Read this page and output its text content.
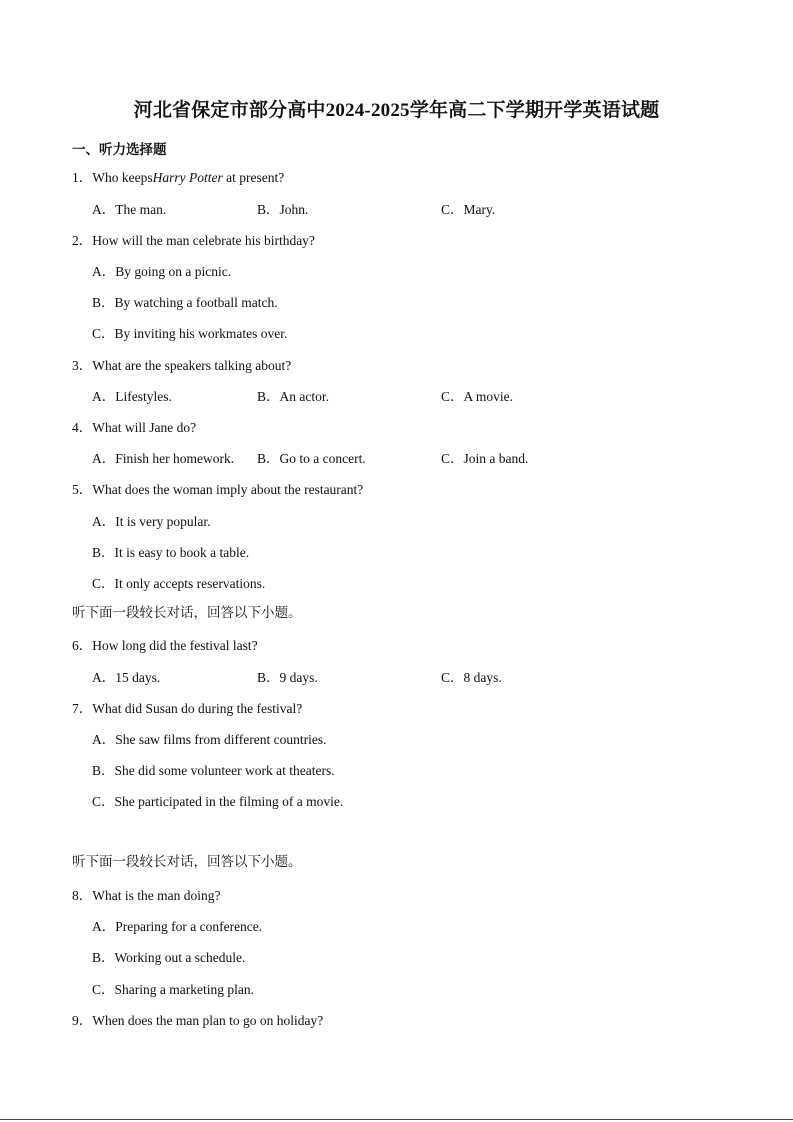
河北省保定市部分高中2024-2025学年高二下学期开学英语试题
一、听力选择题
1．Who keepsHarry Potter at present?
A．The man.	B．John.	C．Mary.
2．How will the man celebrate his birthday?
A．By going on a picnic.
B．By watching a football match.
C．By inviting his workmates over.
3．What are the speakers talking about?
A．Lifestyles.	B．An actor.	C．A movie.
4．What will Jane do?
A．Finish her homework. B．Go to a concert.	C．Join a band.
5．What does the woman imply about the restaurant?
A．It is very popular.
B．It is easy to book a table.
C．It only accepts reservations.
听下面一段较长对话，回答以下小题。
6．How long did the festival last?
A．15 days.	B．9 days.	C．8 days.
7．What did Susan do during the festival?
A．She saw films from different countries.
B．She did some volunteer work at theaters.
C．She participated in the filming of a movie.
听下面一段较长对话，回答以下小题。
8．What is the man doing?
A．Preparing for a conference.
B．Working out a schedule.
C．Sharing a marketing plan.
9．When does the man plan to go on holiday?
